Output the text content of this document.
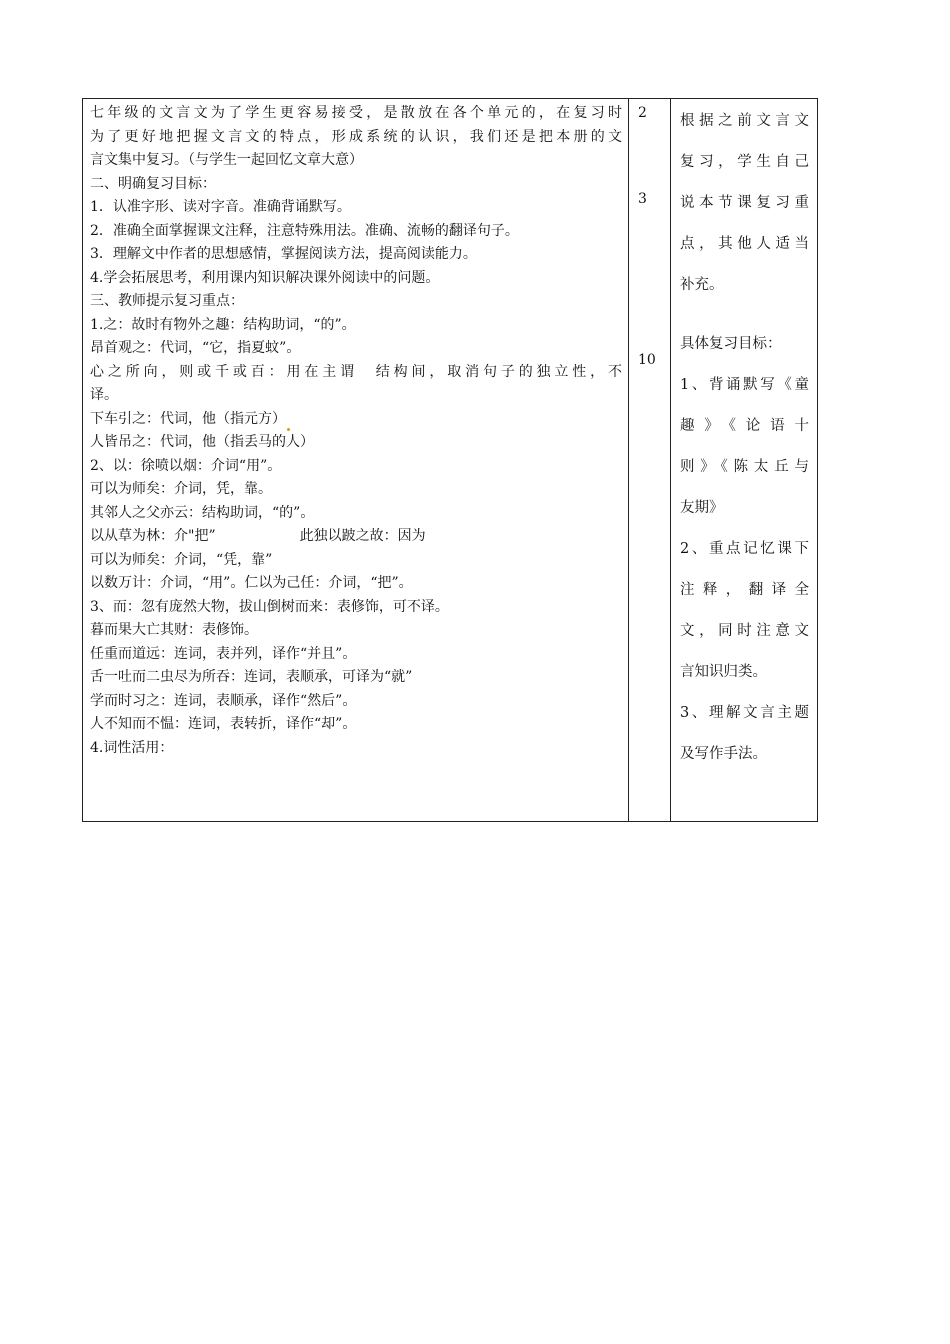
七年级的文言文为了学生更容易接受，是散放在各个单元的，在复习时
为了更好地把握文言文的特点，形成系统的认识，我们还是把本册的文
言文集中复习。（与学生一起回忆文章大意）
二、明确复习目标：
1．认准字形、读对字音。准确背诵默写。
2．准确全面掌握课文注释，注意特殊用法。准确、流畅的翻译句子。
3．理解文中作者的思想感情，掌握阅读方法，提高阅读能力。
4.学会拓展思考，利用课内知识解决课外阅读中的问题。
三、教师提示复习重点：
1.之：故时有物外之趣：结构助词，“的”。
昂首观之：代词，“它，指夏蚊”。
心之所向，则或千或百：用在主谓　结构间，取消句子的独立性，不
译。
下车引之：代词，他（指元方）
人皆吊之：代词，他（指丢马的人）
2、以：徐喷以烟：介词“用”。
可以为师矣：介词，凭，靠。
其邻人之父亦云：结构助词，“的”。
以从草为林：介"把”　　　　　　此独以跛之故：因为
可以为师矣：介词，“凭，靠”
以数万计：介词，“用”。仁以为己任：介词，“把”。
3、而：忽有庞然大物，拔山倒树而来：表修饰，可不译。
暮而果大亡其财：表修饰。
任重而道远：连词，表并列，译作“并且”。
舌一吐而二虫尽为所吞：连词，表顺承，可译为“就”
学而时习之：连词，表顺承，译作“然后”。
人不知而不愠：连词，表转折，译作“却”。
4.词性活用：
2
3
10
根据之前文言文
复习，学生自己
说本节课复习重
点，其他人适当
补充。
具体复习目标：
1、背诵默写《童
趣》《论语十
则》《陈太丘与
友期》
2、重点记忆课下
注释，翻译全
文，同时注意文
言知识归类。
3、理解文言主题
及写作手法。
